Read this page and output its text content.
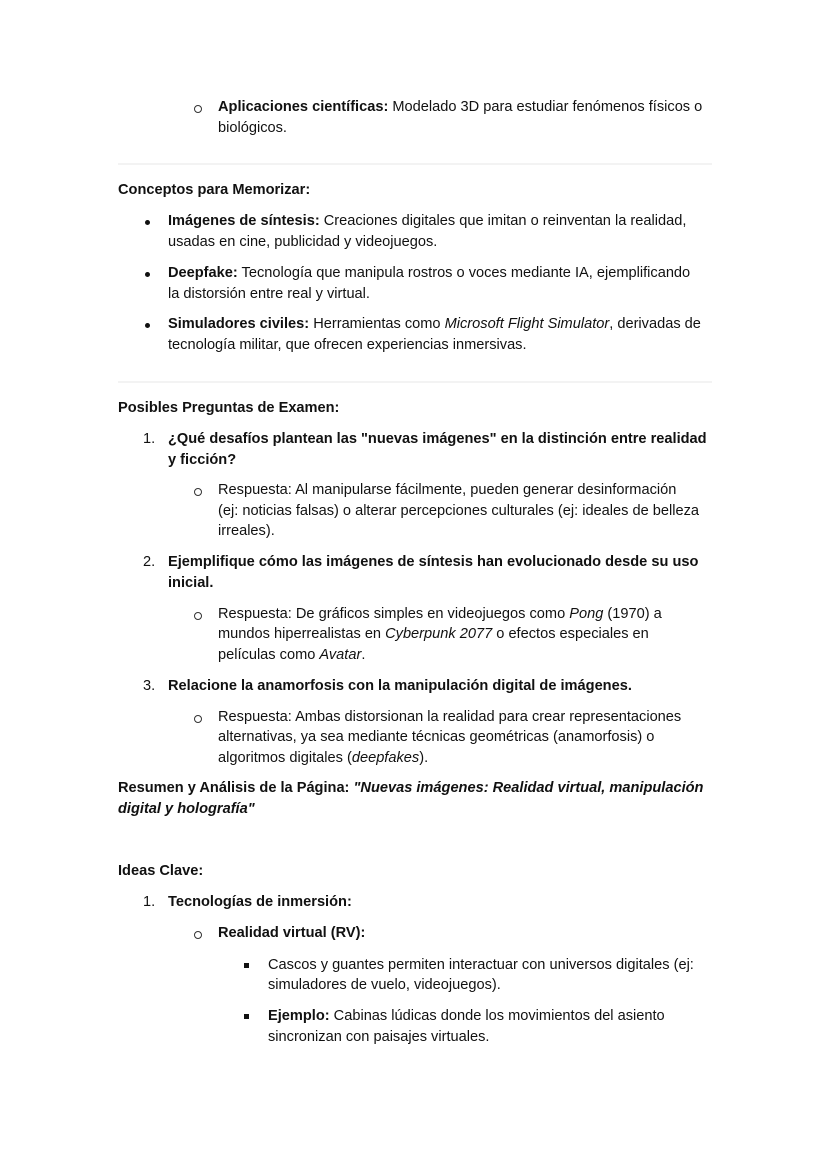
Aplicaciones científicas: Modelado 3D para estudiar fenómenos físicos o
biológicos.
Conceptos para Memorizar:
Imágenes de síntesis: Creaciones digitales que imitan o reinventan la realidad,
usadas en cine, publicidad y videojuegos.
Deepfake: Tecnología que manipula rostros o voces mediante IA, ejemplificando
la distorsión entre real y virtual.
Simuladores civiles: Herramientas como Microsoft Flight Simulator, derivadas de
tecnología militar, que ofrecen experiencias inmersivas.
Posibles Preguntas de Examen:
1. ¿Qué desafíos plantean las "nuevas imágenes" en la distinción entre realidad
y ficción?
Respuesta: Al manipularse fácilmente, pueden generar desinformación
(ej: noticias falsas) o alterar percepciones culturales (ej: ideales de belleza
irreales).
2. Ejemplifique cómo las imágenes de síntesis han evolucionado desde su uso
inicial.
Respuesta: De gráficos simples en videojuegos como Pong (1970) a
mundos hiperrealistas en Cyberpunk 2077 o efectos especiales en
películas como Avatar.
3. Relacione la anamorfosis con la manipulación digital de imágenes.
Respuesta: Ambas distorsionan la realidad para crear representaciones
alternativas, ya sea mediante técnicas geométricas (anamorfosis) o
algoritmos digitales (deepfakes).
Resumen y Análisis de la Página: "Nuevas imágenes: Realidad virtual, manipulación
digital y holografía"
Ideas Clave:
1. Tecnologías de inmersión:
Realidad virtual (RV):
Cascos y guantes permiten interactuar con universos digitales (ej:
simuladores de vuelo, videojuegos).
Ejemplo: Cabinas lúdicas donde los movimientos del asiento
sincronizan con paisajes virtuales.
